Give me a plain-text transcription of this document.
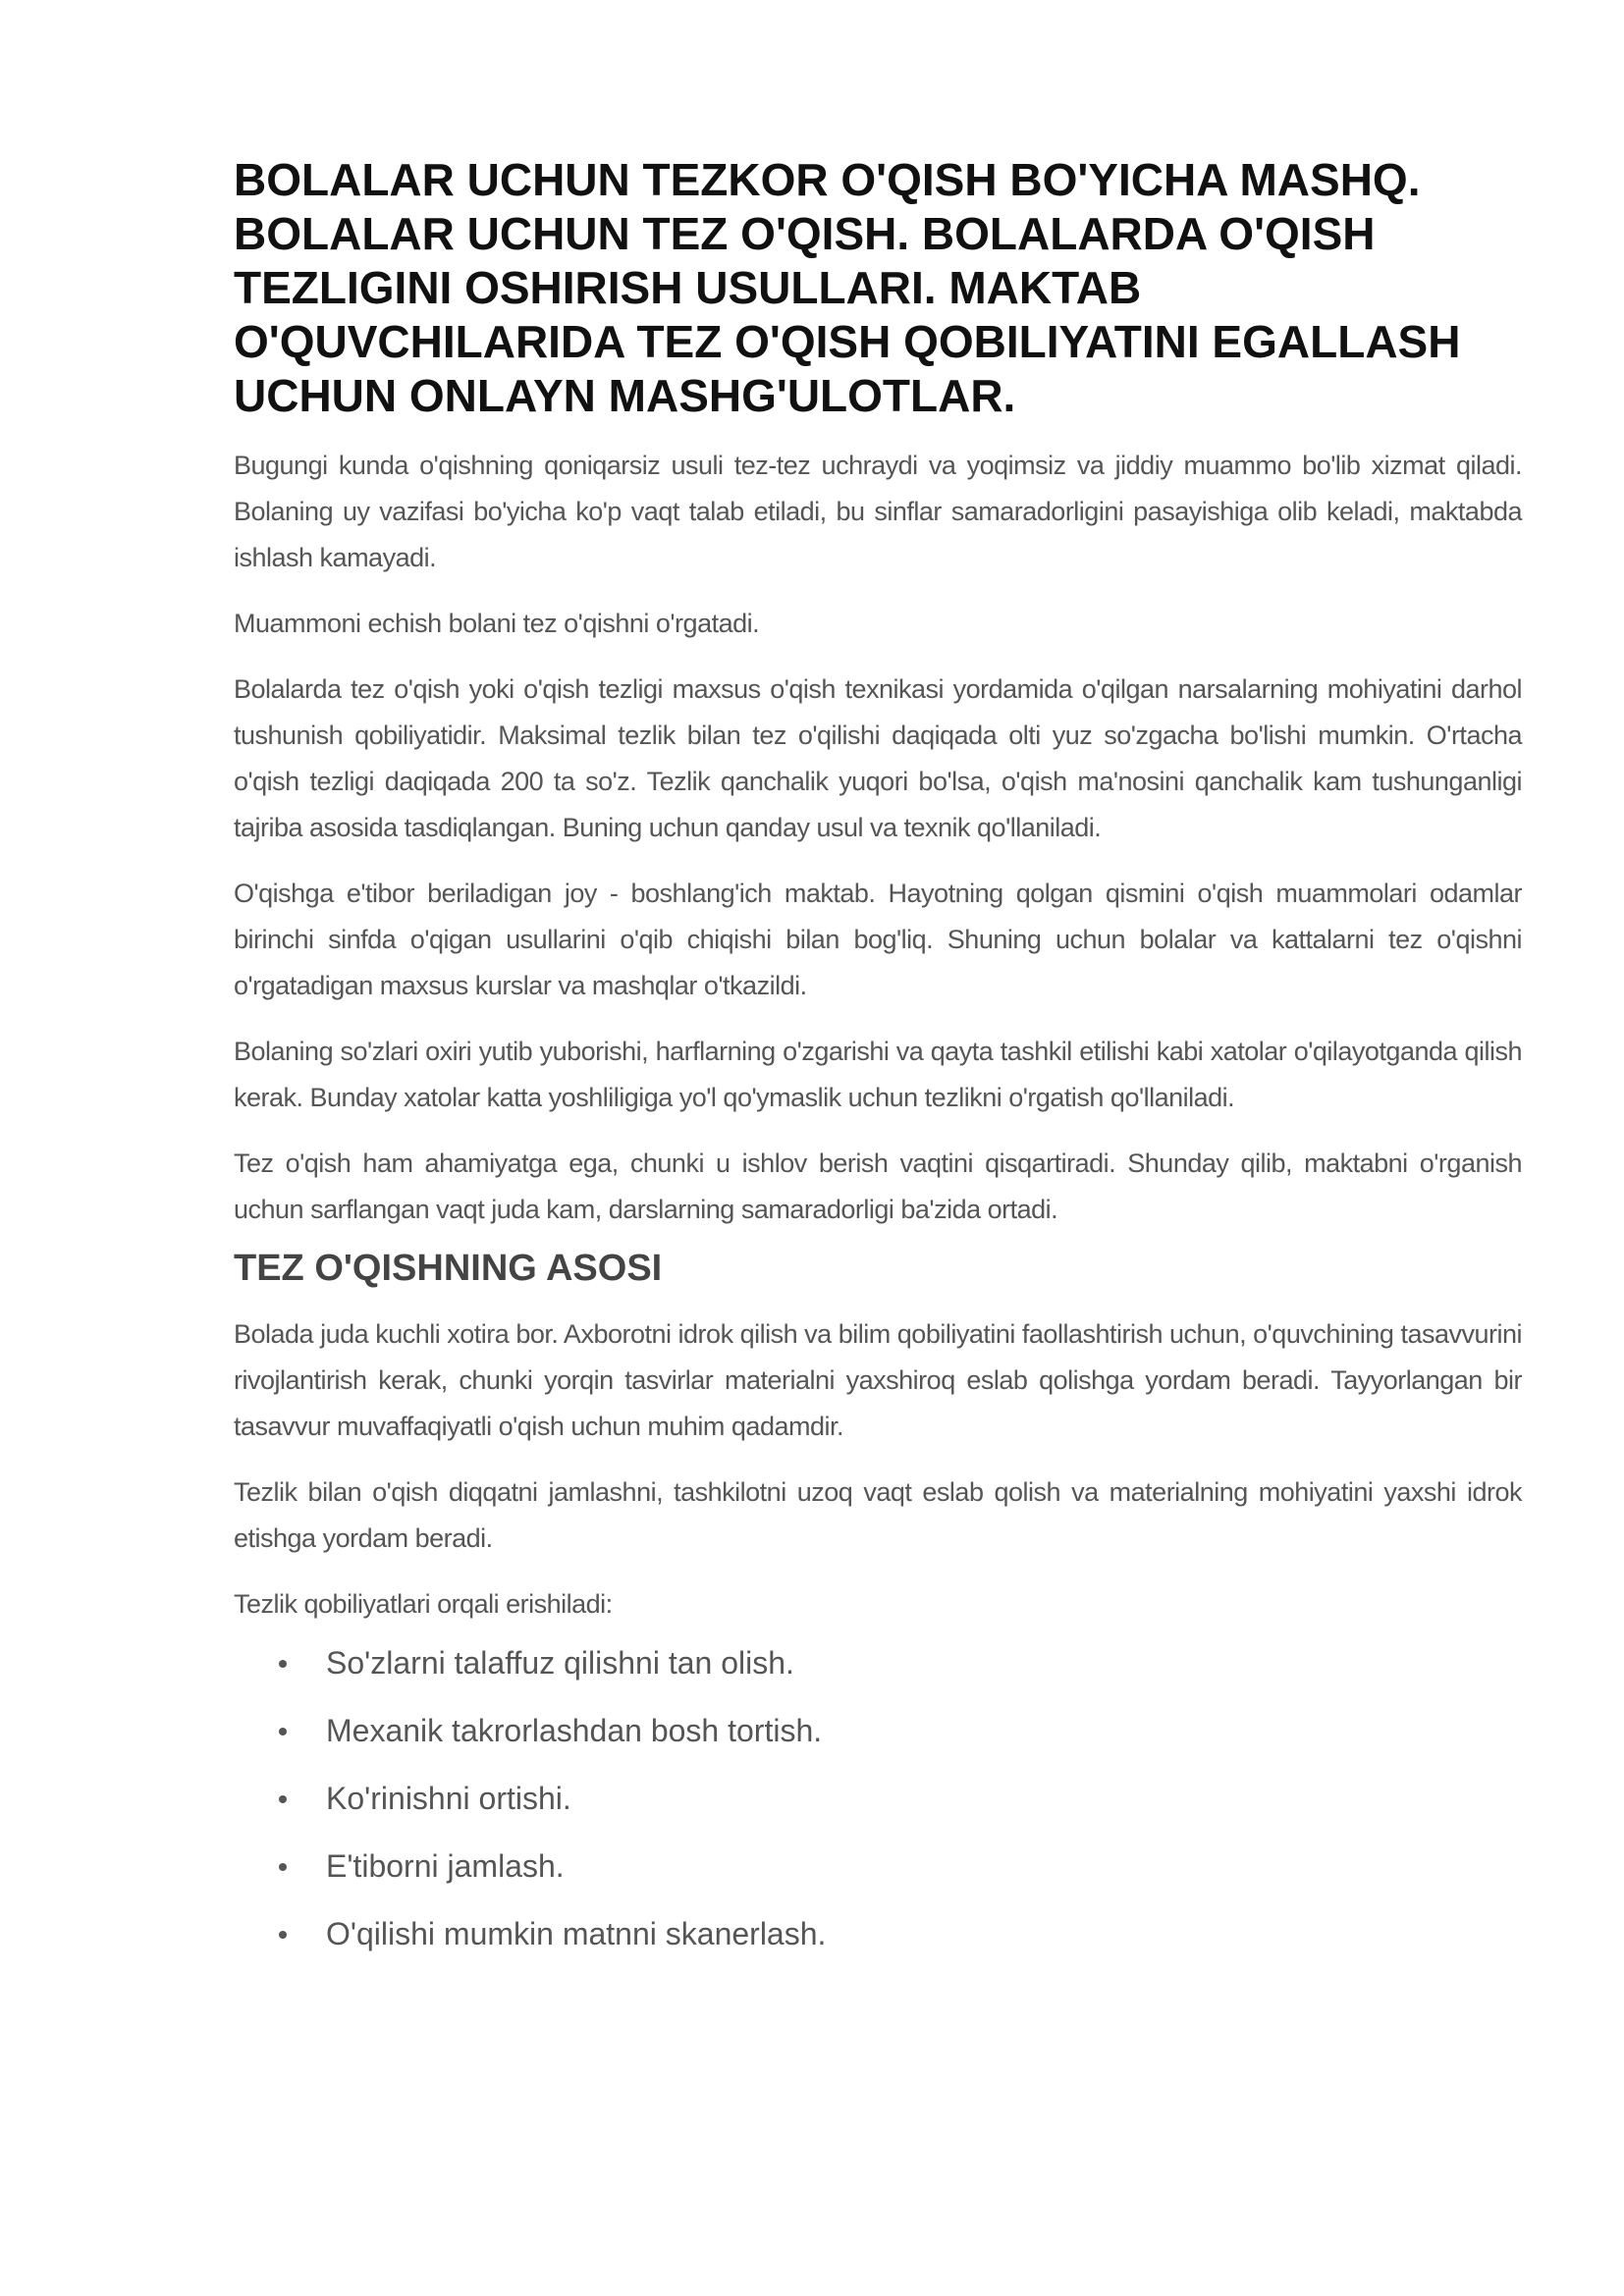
BOLALAR UCHUN TEZKOR O'QISH BO'YICHA MASHQ. BOLALAR UCHUN TEZ O'QISH. BOLALARDA O'QISH TEZLIGINI OSHIRISH USULLARI. MAKTAB O'QUVCHILARIDA TEZ O'QISH QOBILIYATINI EGALLASH UCHUN ONLAYN MASHG'ULOTLAR.

Bugungi kunda o'qishning qoniqarsiz usuli tez-tez uchraydi va yoqimsiz va jiddiy muammo bo'lib xizmat qiladi. Bolaning uy vazifasi bo'yicha ko'p vaqt talab etiladi, bu sinflar samaradorligini pasayishiga olib keladi, maktabda ishlash kamayadi.

Muammoni echish bolani tez o'qishni o'rgatadi.

Bolalarda tez o'qish yoki o'qish tezligi maxsus o'qish texnikasi yordamida o'qilgan narsalarning mohiyatini darhol tushunish qobiliyatidir. Maksimal tezlik bilan tez o'qilishi daqiqada olti yuz so'zgacha bo'lishi mumkin. O'rtacha o'qish tezligi daqiqada 200 ta so'z. Tezlik qanchalik yuqori bo'lsa, o'qish ma'nosini qanchalik kam tushunganligi tajriba asosida tasdiqlangan. Buning uchun qanday usul va texnik qo'llaniladi.

O'qishga e'tibor beriladigan joy - boshlang'ich maktab. Hayotning qolgan qismini o'qish muammolari odamlar birinchi sinfda o'qigan usullarini o'qib chiqishi bilan bog'liq. Shuning uchun bolalar va kattalarni tez o'qishni o'rgatadigan maxsus kurslar va mashqlar o'tkazildi.

Bolaning so'zlari oxiri yutib yuborishi, harflarning o'zgarishi va qayta tashkil etilishi kabi xatolar o'qilayotganda qilish kerak. Bunday xatolar katta yoshliligiga yo'l qo'ymaslik uchun tezlikni o'rgatish qo'llaniladi.

Tez o'qish ham ahamiyatga ega, chunki u ishlov berish vaqtini qisqartiradi. Shunday qilib, maktabni o'rganish uchun sarflangan vaqt juda kam, darslarning samaradorligi ba'zida ortadi.

TEZ O'QISHNING ASOSI

Bolada juda kuchli xotira bor. Axborotni idrok qilish va bilim qobiliyatini faollashtirish uchun, o'quvchining tasavvurini rivojlantirish kerak, chunki yorqin tasvirlar materialni yaxshiroq eslab qolishga yordam beradi. Tayyorlangan bir tasavvur muvaffaqiyatli o'qish uchun muhim qadamdir.

Tezlik bilan o'qish diqqatni jamlashni, tashkilotni uzoq vaqt eslab qolish va materialning mohiyatini yaxshi idrok etishga yordam beradi.

Tezlik qobiliyatlari orqali erishiladi:

So'zlarni talaffuz qilishni tan olish.
Mexanik takrorlashdan bosh tortish.
Ko'rinishni ortishi.
E'tiborni jamlash.
O'qilishi mumkin matnni skanerlash.
